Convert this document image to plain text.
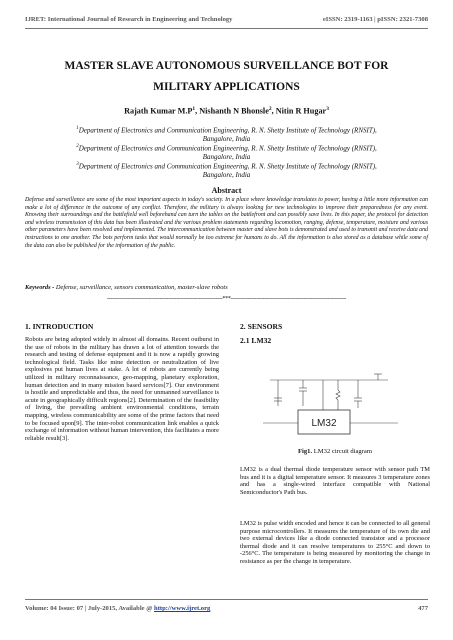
IJRET: International Journal of Research in Engineering and Technology	eISSN: 2319-1163 | pISSN: 2321-7308
MASTER SLAVE AUTONOMOUS SURVEILLANCE BOT FOR
MILITARY APPLICATIONS
Rajath Kumar $M.P^1$, Nishanth N Bhonsle$^2$, Nitin R Hugar$^3$
$^1$Department of Electronics and Communication Engineering, R. N. Shetty Institute of Technology (RNSIT),
Bangalore, India
$^2$Department of Electronics and Communication Engineering, R. N. Shetty Institute of Technology (RNSIT),
Bangalore, India
$^3$Department of Electronics and Communication Engineering, R. N. Shetty Institute of Technology (RNSIT),
Bangalore, India
Abstract
Defense and surveillance are some of the most important aspects in today's society. In a place where knowledge translates to power, having a little more information can make a lot of difference in the outcome of any conflict. Therefore, the military is always looking for new technologies to improve their preparedness for any event. Knowing their surroundings and the battlefield well beforehand can turn the tables on the battlefront and can possibly save lives. In this paper, the protocol for detection and wireless transmission of this data has been illustrated and the various problem statements regarding locomotion, ranging, defense, temperature, moisture and various other parameters have been resolved and implemented. The intercommunication between master and slave bots is demonstrated and used to transmit and receive data and instructions to one another. The bots perform tasks that would normally be too extreme for humans to do. All the information is also stored as a database while some of the data can also be published for the information of the public.
Keywords - Defense, surveillance, sensors communication, master-slave robots
--------------------------------------------------------------------***--------------------------------------------------------------------
1. INTRODUCTION
Robots are being adopted widely in almost all domains. Recent outburst in the use of robots in the military has drawn a lot of attention towards the research and testing of defense equipment and it is now a rapidly growing technological field. Tasks like mine detection or neutralization of live explosives put human lives at stake. A lot of robots are currently being utilized in military reconnaissance, geo-mapping, planetary exploration, human detection and in many mission based services[7]. Our environment is hostile and unpredictable and thus, the need for unmanned surveillance is acute in geographically difficult regions[2]. Determination of the feasibility of living, the prevailing ambient environmental conditions, terrain mapping, wireless communicability are some of the prime factors that need to be focused upon[9]. The inter-robot communication link enables a quick exchange of information without human intervention, this facilitates a more reliable result[3].
2. SENSORS
2.1 LM32
LM32
Fig1. LM32 circuit diagram
LM32 is a dual thermal diode temperature sensor with sensor path TM bus and it is a digital temperature sensor. It measures 3 temperature zones and has a single-wired interface compatible with National Semiconductor's Path bus.
LM32 is pulse width encoded and hence it can be connected to all general purpose microcontrollers. It measures the temperature of its own die and two external devices like a diode connected transistor and a processor thermal diode and it can resolve temperatures to 255°C and down to -256°C. The temperature is being measured by monitoring the change in resistance as per the change in temperature.
Volume: 04 Issue: 07 | July-2015, Available @ http://www.ijret.org	477
